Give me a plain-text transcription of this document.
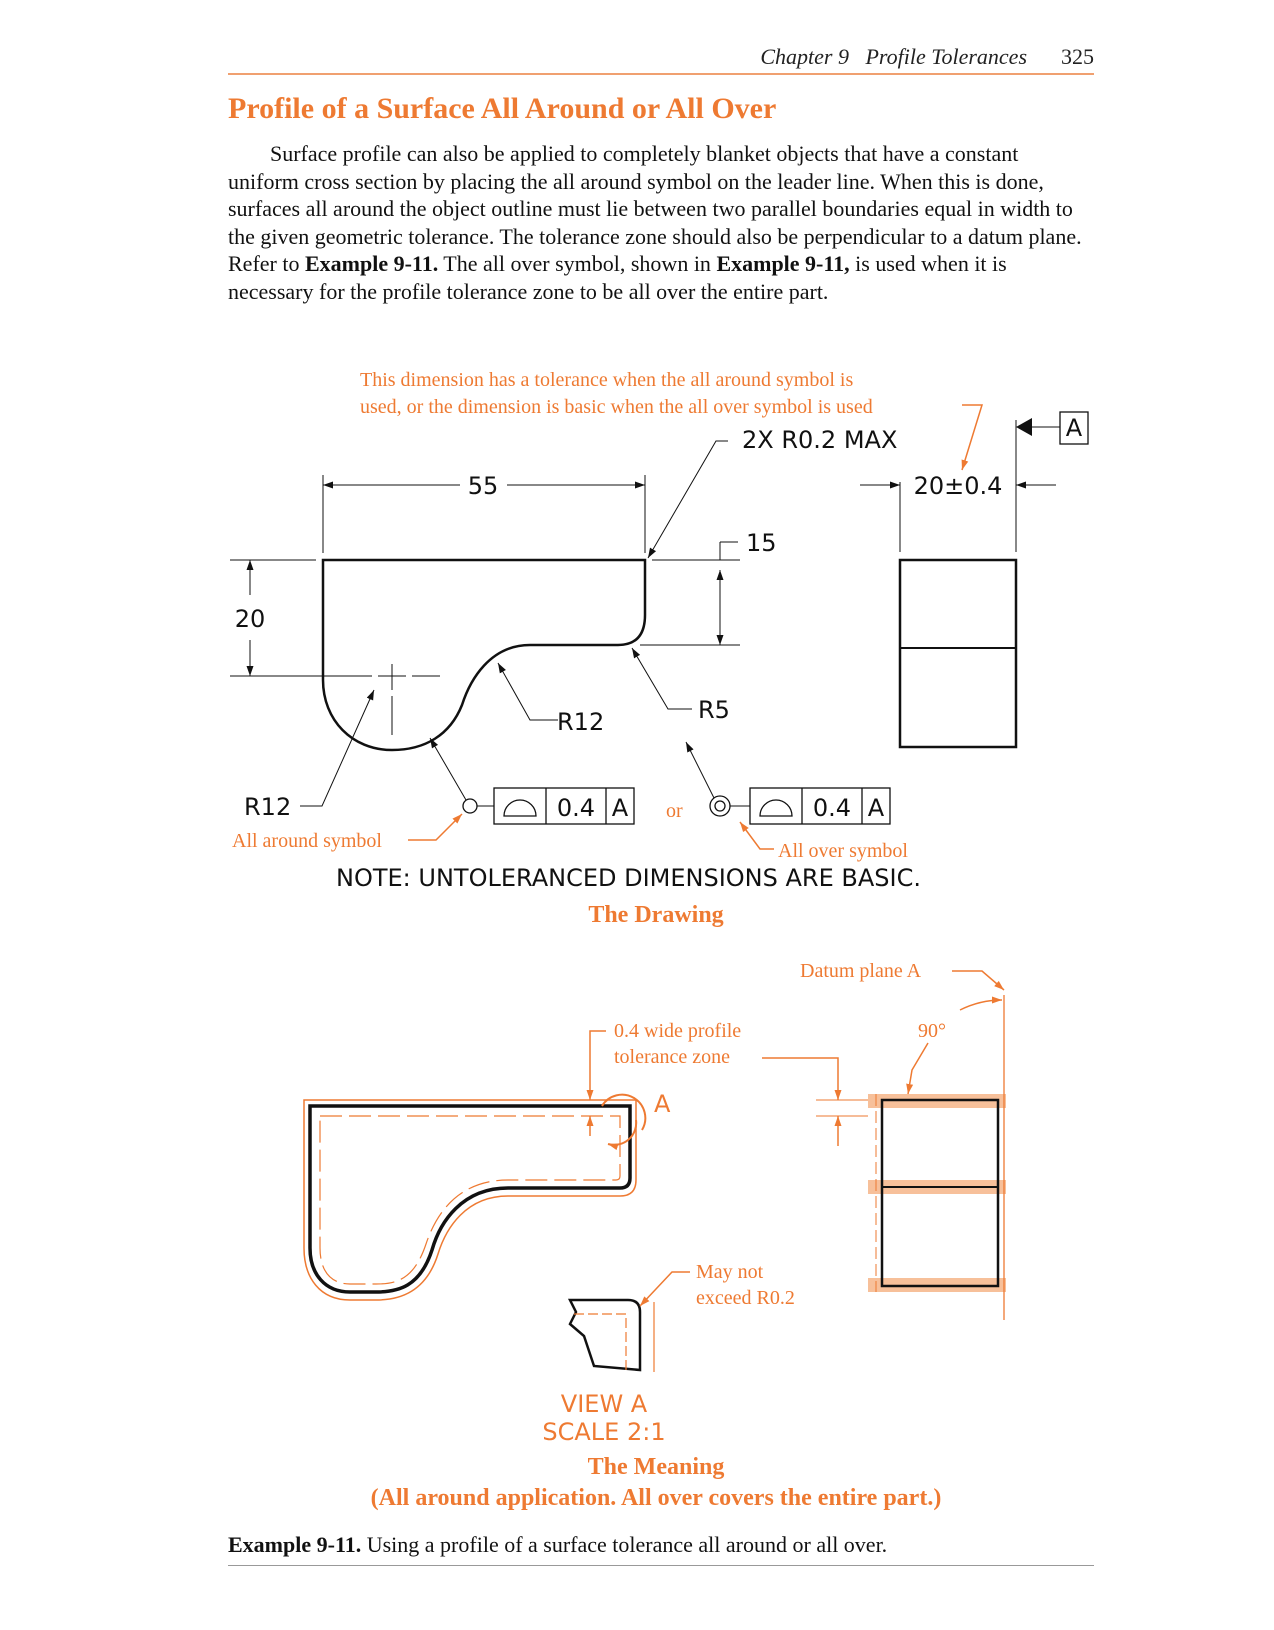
Chapter 9 Profile Tolerances 325
Profile of a Surface All Around or All Over

Surface profile can also be applied to completely blanket objects that have a constant uniform cross section by placing the all around symbol on the leader line. When this is done, surfaces all around the object outline must lie between two parallel boundaries equal in width to the given geometric tolerance. The tolerance zone should also be perpendicular to a datum plane. Refer to Example 9-11. The all over symbol, shown in Example 9-11, is used when it is necessary for the profile tolerance zone to be all over the entire part.

This dimension has a tolerance when the all around symbol is
used, or the dimension is basic when the all over symbol is used
55
2X R0.2 MAX
15
20
R12	R5
R12	0.4 A
All around symbol
or	0.4 A
All over symbol
20±0.4
A
NOTE: UNTOLERANCED DIMENSIONS ARE BASIC.
The Drawing
Datum plane A
0.4 wide profile
tolerance zone
A
90°
May not
exceed R0.2
VIEW A
SCALE 2:1
The Meaning
(All around application. All over covers the entire part.)
Example 9-11. Using a profile of a surface tolerance all around or all over.
